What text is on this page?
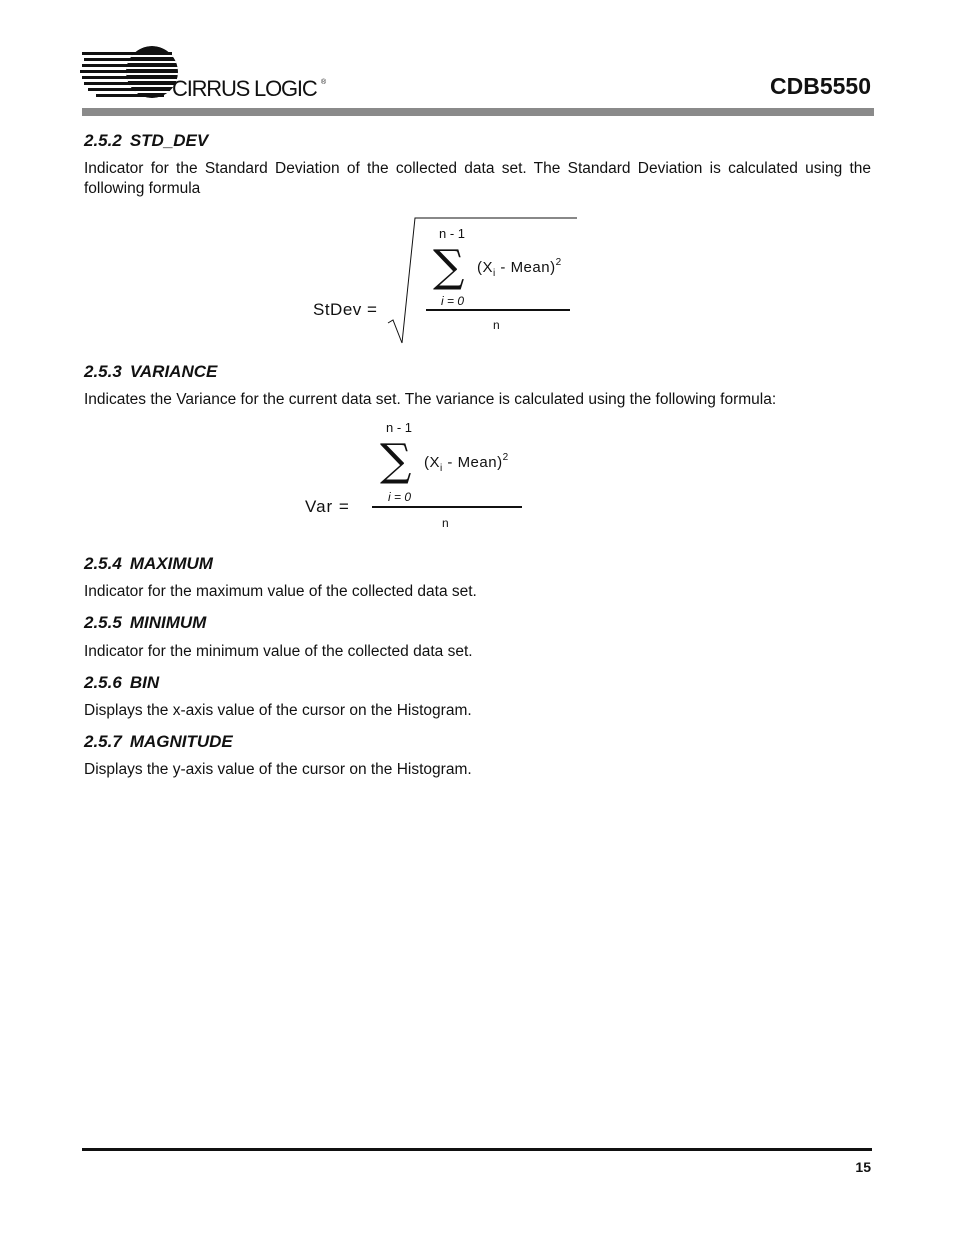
CIRRUS LOGIC ®	CDB5550
2.5.2 STD_DEV
Indicator for the Standard Deviation of the collected data set. The Standard Deviation is calculated using the following formula
StDev =
n - 1
∑ ($X_i$ - Mean)$^2$
i = 0
n
2.5.3 VARIANCE
Indicates the Variance for the current data set. The variance is calculated using the following formula:
Var =
n - 1
∑ ($X_i$ - Mean)$^2$
i = 0
n
2.5.4 MAXIMUM
Indicator for the maximum value of the collected data set.
2.5.5 MINIMUM
Indicator for the minimum value of the collected data set.
2.5.6 BIN
Displays the x-axis value of the cursor on the Histogram.
2.5.7 MAGNITUDE
Displays the y-axis value of the cursor on the Histogram.
15
